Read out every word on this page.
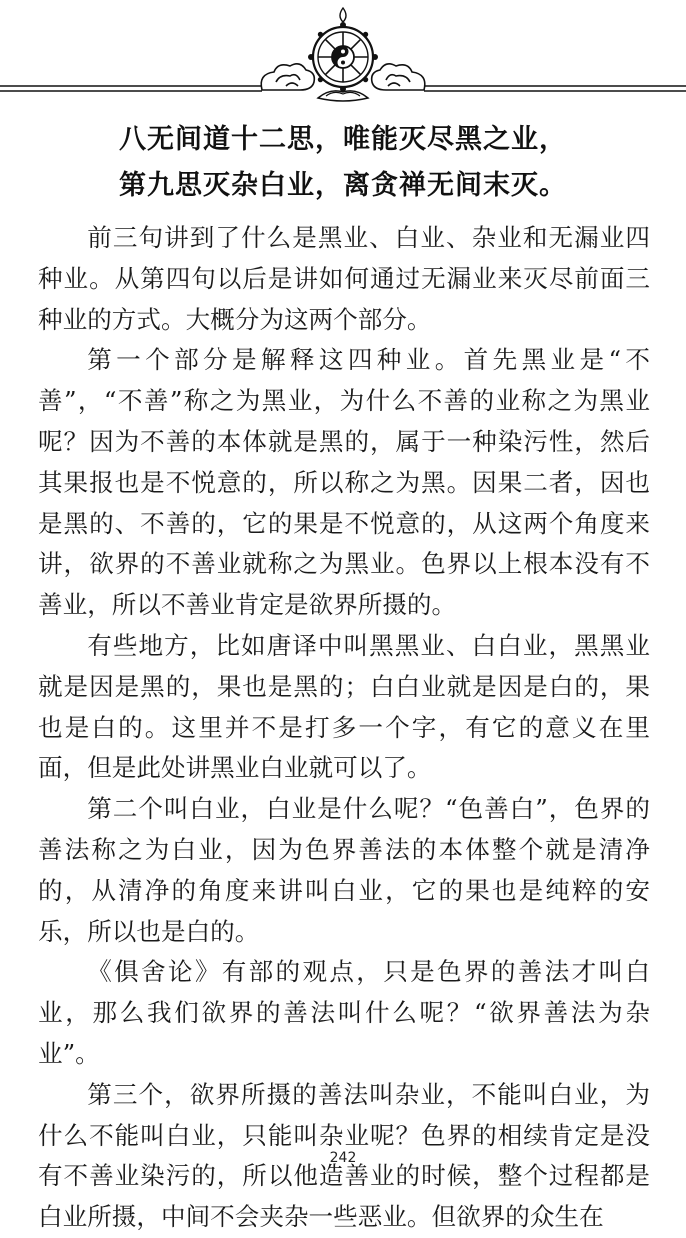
八无间道十二思，唯能灭尽黑之业，
第九思灭杂白业，离贪禅无间末灭。

前三句讲到了什么是黑业、白业、杂业和无漏业四种业。从第四句以后是讲如何通过无漏业来灭尽前面三种业的方式。大概分为这两个部分。

第一个部分是解释这四种业。首先黑业是“不善”，“不善”称之为黑业，为什么不善的业称之为黑业呢？因为不善的本体就是黑的，属于一种染污性，然后其果报也是不悦意的，所以称之为黑。因果二者，因也是黑的、不善的，它的果是不悦意的，从这两个角度来讲，欲界的不善业就称之为黑业。色界以上根本没有不善业，所以不善业肯定是欲界所摄的。

有些地方，比如唐译中叫黑黑业、白白业，黑黑业就是因是黑的，果也是黑的；白白业就是因是白的，果也是白的。这里并不是打多一个字，有它的意义在里面，但是此处讲黑业白业就可以了。

第二个叫白业，白业是什么呢？“色善白”，色界的善法称之为白业，因为色界善法的本体整个就是清净的，从清净的角度来讲叫白业，它的果也是纯粹的安乐，所以也是白的。

《俱舍论》有部的观点，只是色界的善法才叫白业，那么我们欲界的善法叫什么呢？“欲界善法为杂业”。

第三个，欲界所摄的善法叫杂业，不能叫白业，为什么不能叫白业，只能叫杂业呢？色界的相续肯定是没有不善业染污的，所以他造善业的时候，整个过程都是白业所摄，中间不会夹杂一些恶业。但欲界的众生在

242
